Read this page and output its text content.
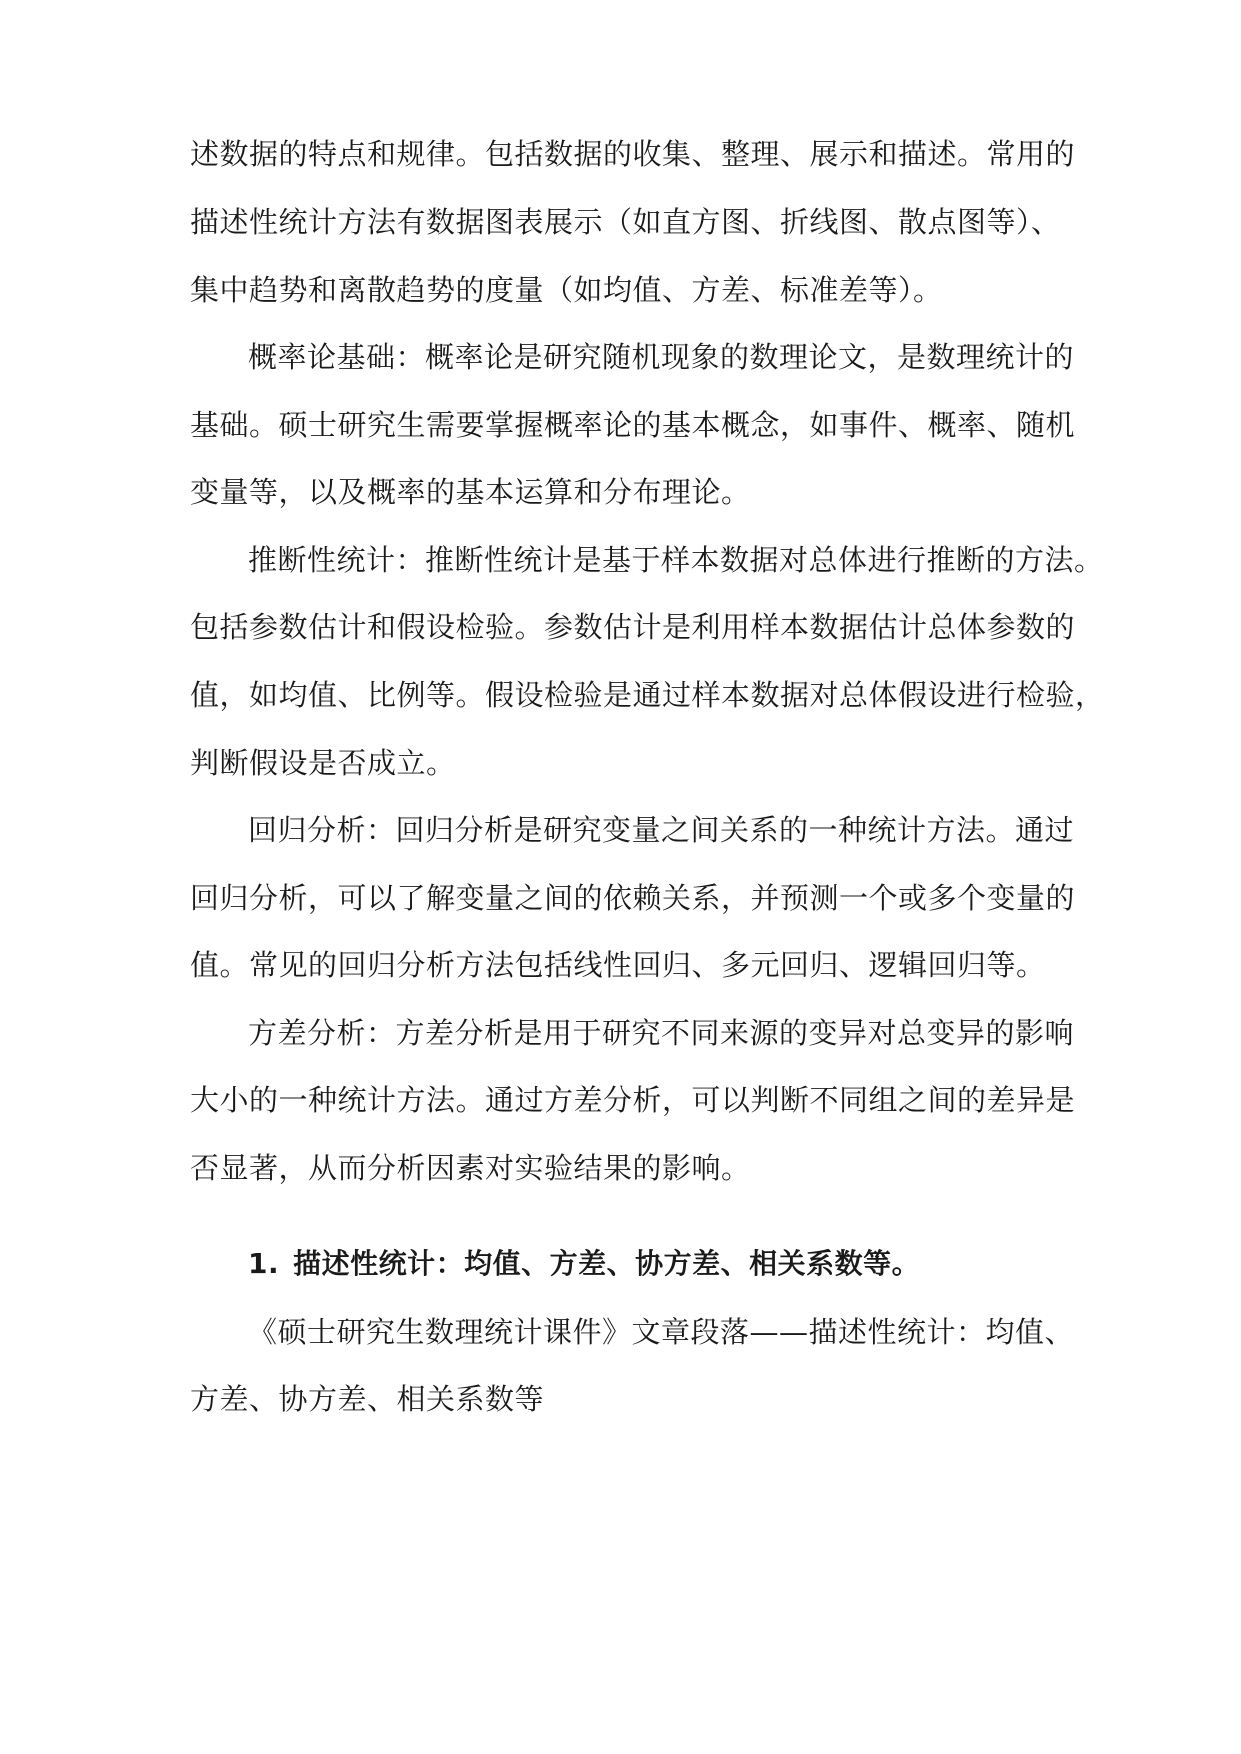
述数据的特点和规律。包括数据的收集、整理、展示和描述。常用的
描述性统计方法有数据图表展示（如直方图、折线图、散点图等）、
集中趋势和离散趋势的度量（如均值、方差、标准差等）。
概率论基础：概率论是研究随机现象的数理论文，是数理统计的
基础。硕士研究生需要掌握概率论的基本概念，如事件、概率、随机
变量等，以及概率的基本运算和分布理论。
推断性统计：推断性统计是基于样本数据对总体进行推断的方法。
包括参数估计和假设检验。参数估计是利用样本数据估计总体参数的
值，如均值、比例等。假设检验是通过样本数据对总体假设进行检验，
判断假设是否成立。
回归分析：回归分析是研究变量之间关系的一种统计方法。通过
回归分析，可以了解变量之间的依赖关系，并预测一个或多个变量的
值。常见的回归分析方法包括线性回归、多元回归、逻辑回归等。
方差分析：方差分析是用于研究不同来源的变异对总变异的影响
大小的一种统计方法。通过方差分析，可以判断不同组之间的差异是
否显著，从而分析因素对实验结果的影响。
1. 描述性统计：均值、方差、协方差、相关系数等。
《硕士研究生数理统计课件》文章段落——描述性统计：均值、
方差、协方差、相关系数等
